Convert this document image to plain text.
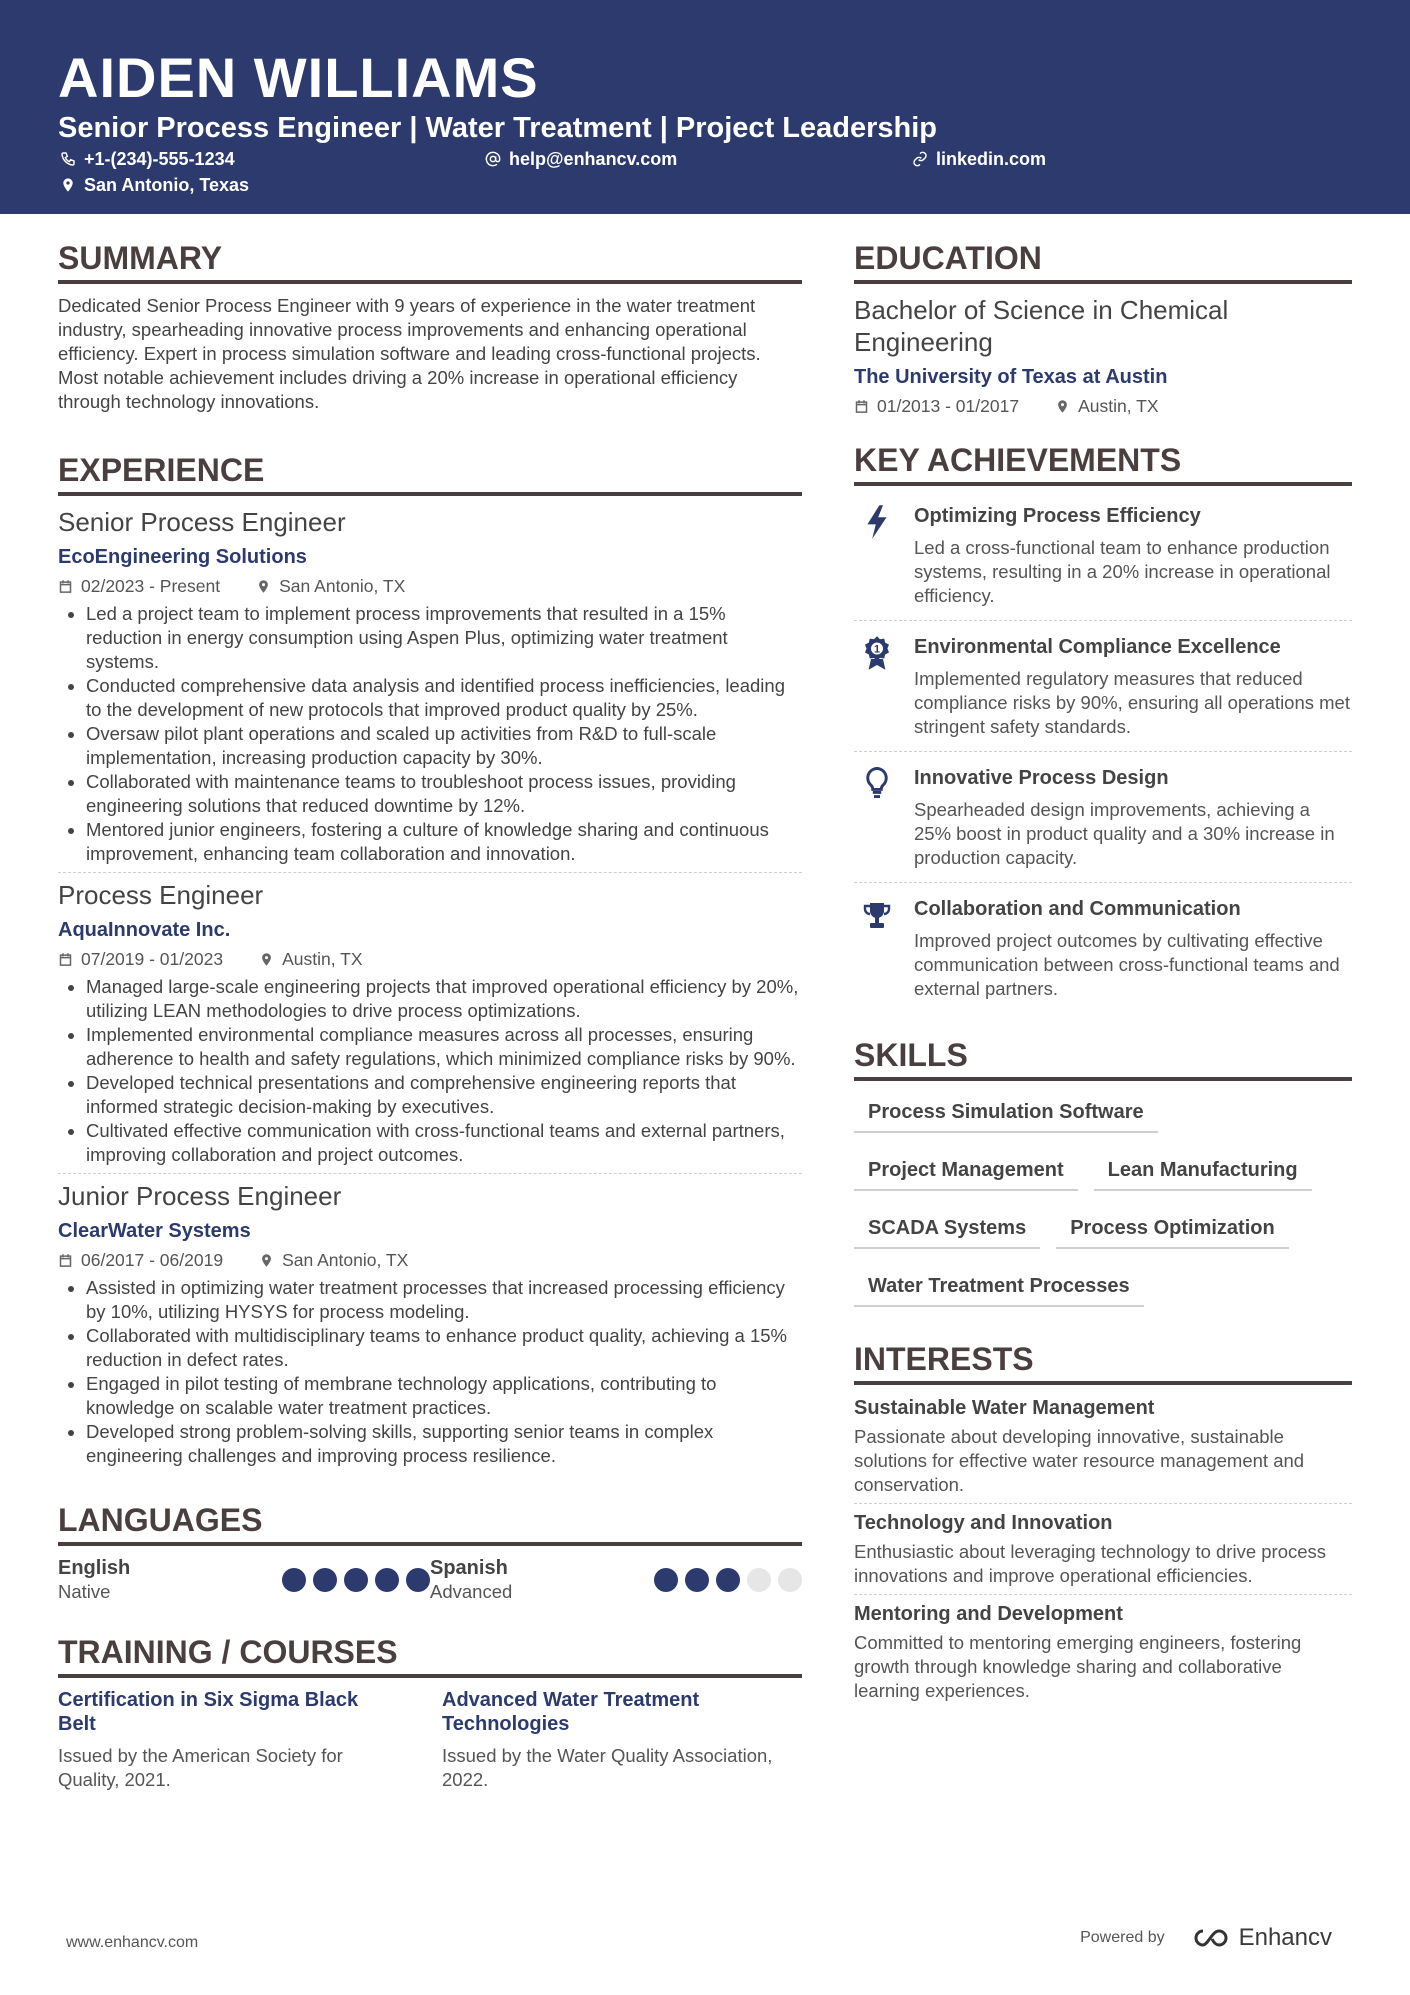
AIDEN WILLIAMS
Senior Process Engineer | Water Treatment | Project Leadership
+1-(234)-555-1234	help@enhancv.com	linkedin.com
San Antonio, Texas
SUMMARY

Dedicated Senior Process Engineer with 9 years of experience in the water treatment industry, spearheading innovative process improvements and enhancing operational efficiency. Expert in process simulation software and leading cross-functional projects. Most notable achievement includes driving a 20% increase in operational efficiency through technology innovations.

EXPERIENCE
Senior Process Engineer
EcoEngineering Solutions
02/2023 - Present	San Antonio, TX
• Led a project team to implement process improvements that resulted in a 15% reduction in energy consumption using Aspen Plus, optimizing water treatment systems.
• Conducted comprehensive data analysis and identified process inefficiencies, leading to the development of new protocols that improved product quality by 25%.
• Oversaw pilot plant operations and scaled up activities from R&D to full-scale implementation, increasing production capacity by 30%.
• Collaborated with maintenance teams to troubleshoot process issues, providing engineering solutions that reduced downtime by 12%.
• Mentored junior engineers, fostering a culture of knowledge sharing and continuous improvement, enhancing team collaboration and innovation.
Process Engineer
AquaInnovate Inc.
07/2019 - 01/2023	Austin, TX
• Managed large-scale engineering projects that improved operational efficiency by 20%, utilizing LEAN methodologies to drive process optimizations.
• Implemented environmental compliance measures across all processes, ensuring adherence to health and safety regulations, which minimized compliance risks by 90%.
• Developed technical presentations and comprehensive engineering reports that informed strategic decision-making by executives.
• Cultivated effective communication with cross-functional teams and external partners, improving collaboration and project outcomes.
Junior Process Engineer
ClearWater Systems
06/2017 - 06/2019	San Antonio, TX
• Assisted in optimizing water treatment processes that increased processing efficiency by 10%, utilizing HYSYS for process modeling.
• Collaborated with multidisciplinary teams to enhance product quality, achieving a 15% reduction in defect rates.
• Engaged in pilot testing of membrane technology applications, contributing to knowledge on scalable water treatment practices.
• Developed strong problem-solving skills, supporting senior teams in complex engineering challenges and improving process resilience.
LANGUAGES
English
Native
Spanish
Advanced
TRAINING / COURSES
Certification in Six Sigma Black Belt
Issued by the American Society for Quality, 2021.
Advanced Water Treatment Technologies
Issued by the Water Quality Association, 2022.
EDUCATION
Bachelor of Science in Chemical Engineering
The University of Texas at Austin
01/2013 - 01/2017	Austin, TX
KEY ACHIEVEMENTS
Optimizing Process Efficiency
Led a cross-functional team to enhance production systems, resulting in a 20% increase in operational efficiency.
1 Environmental Compliance Excellence
Implemented regulatory measures that reduced compliance risks by 90%, ensuring all operations met stringent safety standards.
Innovative Process Design
Spearheaded design improvements, achieving a 25% boost in product quality and a 30% increase in production capacity.
Collaboration and Communication
Improved project outcomes by cultivating effective communication between cross-functional teams and external partners.
SKILLS
Process Simulation Software
Project Management	Lean Manufacturing
SCADA Systems	Process Optimization
Water Treatment Processes
INTERESTS
Sustainable Water Management
Passionate about developing innovative, sustainable solutions for effective water resource management and conservation.
Technology and Innovation
Enthusiastic about leveraging technology to drive process innovations and improve operational efficiencies.
Mentoring and Development
Committed to mentoring emerging engineers, fostering growth through knowledge sharing and collaborative learning experiences.
www.enhancv.com	Powered by	Enhancv
